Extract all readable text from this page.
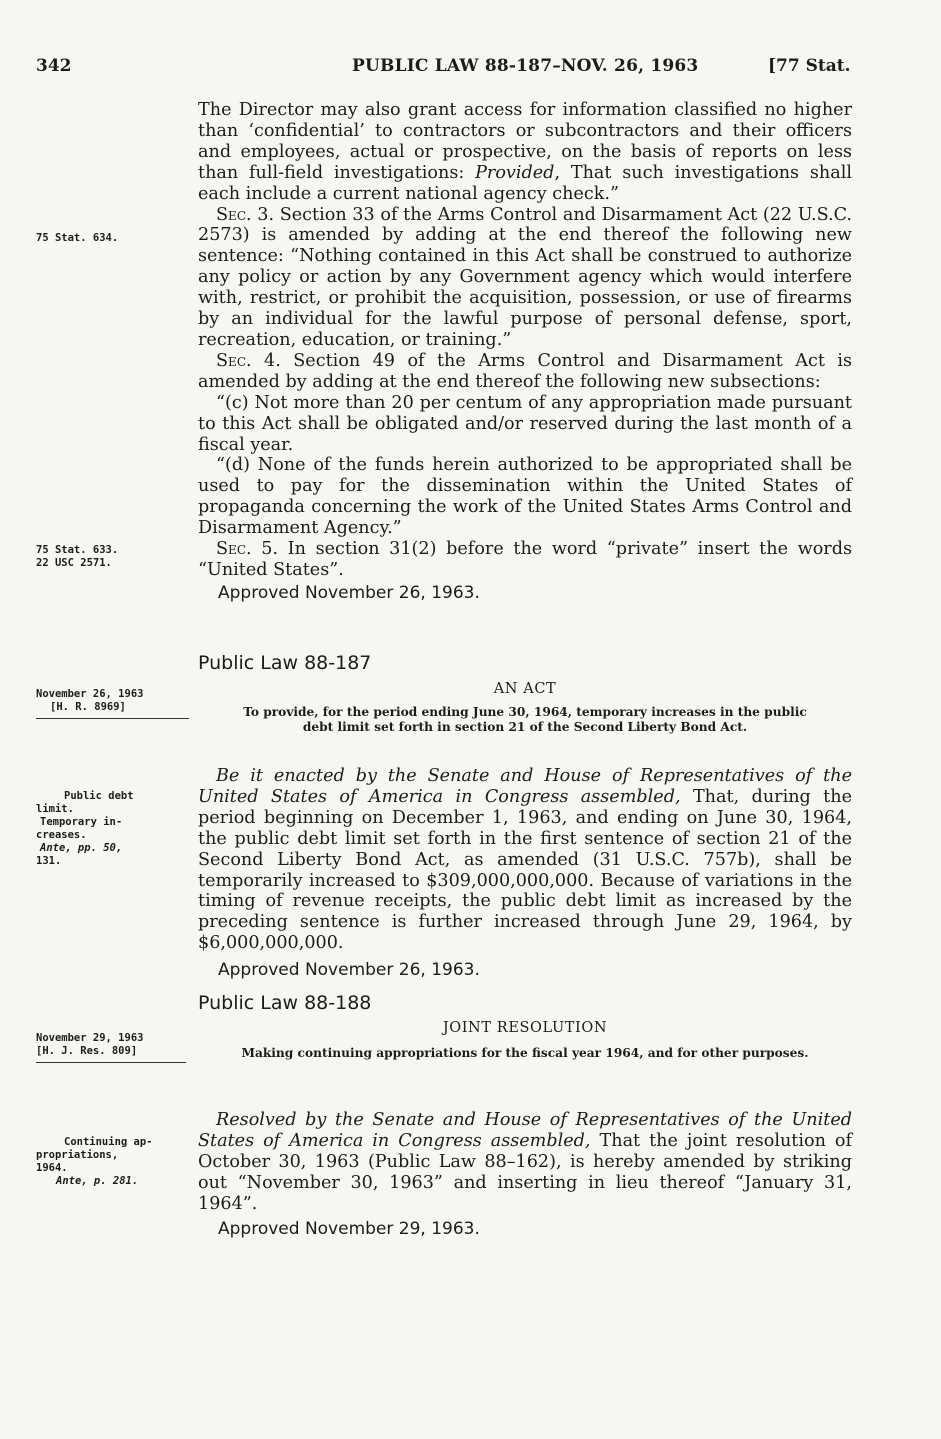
342	PUBLIC LAW 88-187–NOV. 26, 1963	[77 Stat.

The Director may also grant access for information classified no higher than ‘confidential’ to contractors or subcontractors and their officers and employees, actual or prospective, on the basis of reports on less than full-field investigations: Provided, That such investigations shall each include a current national agency check.”

Sec. 3. Section 33 of the Arms Control and Disarmament Act (22 U.S.C. 2573) is amended by adding at the end thereof the following new sentence: “Nothing contained in this Act shall be construed to authorize any policy or action by any Government agency which would interfere with, restrict, or prohibit the acquisition, possession, or use of firearms by an individual for the lawful purpose of personal defense, sport, recreation, education, or training.”

Sec. 4. Section 49 of the Arms Control and Disarmament Act is amended by adding at the end thereof the following new subsections:

“(c) Not more than 20 per centum of any appropriation made pursuant to this Act shall be obligated and/or reserved during the last month of a fiscal year.

“(d) None of the funds herein authorized to be appropriated shall be used to pay for the dissemination within the United States of propaganda concerning the work of the United States Arms Control and Disarmament Agency.”

Sec. 5. In section 31(2) before the word “private” insert the words “United States”.

Approved November 26, 1963.

75 Stat. 634.
75 Stat. 633.
22 USC 2571.
Public Law 88-187
AN ACT
November 26, 1963
[H. R. 8969]	To provide, for the period ending June 30, 1964, temporary increases in the public
debt limit set forth in section 21 of the Second Liberty Bond Act.

Be it enacted by the Senate and House of Representatives of the United States of America in Congress assembled, That, during the period beginning on December 1, 1963, and ending on June 30, 1964, the public debt limit set forth in the first sentence of section 21 of the Second Liberty Bond Act, as amended (31 U.S.C. 757b), shall be temporarily increased to $309,000,000,000. Because of variations in the timing of revenue receipts, the public debt limit as increased by the preceding sentence is further increased through June 29, 1964, by $6,000,000,000.

Approved November 26, 1963.

Public debt
limit.
Temporary in-
creases.
Ante, pp. 50,
131.
Public Law 88-188
JOINT RESOLUTION
November 29, 1963
[H. J. Res. 809]	Making continuing appropriations for the fiscal year 1964, and for other purposes.

Resolved by the Senate and House of Representatives of the United States of America in Congress assembled, That the joint resolution of October 30, 1963 (Public Law 88–162), is hereby amended by striking out “November 30, 1963” and inserting in lieu thereof “January 31, 1964”.

Approved November 29, 1963.

Continuing ap-
propriations,
1964.
Ante, p. 281.
